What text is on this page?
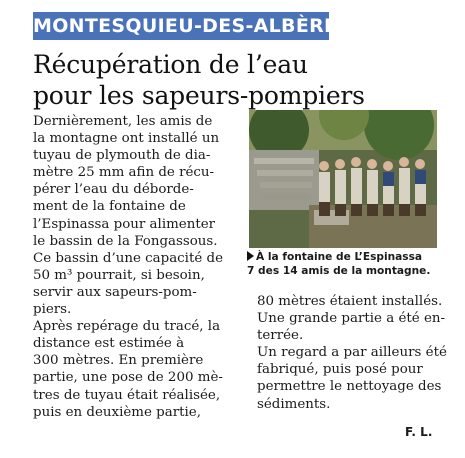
MONTESQUIEU-DES-ALBÈRES
Récupération de l’eau
pour les sapeurs-pompiers
Dernièrement, les amis de
la montagne ont installé un
tuyau de plymouth de dia-
mètre 25 mm afin de récu-
pérer l’eau du déborde-
ment de la fontaine de
l’Espinassa pour alimenter
le bassin de la Fongassous.
Ce bassin d’une capacité de
50 m³ pourrait, si besoin,
servir aux sapeurs-pom-
piers.
Après repérage du tracé, la
distance est estimée à
300 mètres. En première
partie, une pose de 200 mè-
tres de tuyau était réalisée,
puis en deuxième partie,
À la fontaine de L’Espinassa
7 des 14 amis de la montagne.
80 mètres étaient installés.
Une grande partie a été en-
terrée.
Un regard a par ailleurs été
fabriqué, puis posé pour
permettre le nettoyage des
sédiments.
F. L.
